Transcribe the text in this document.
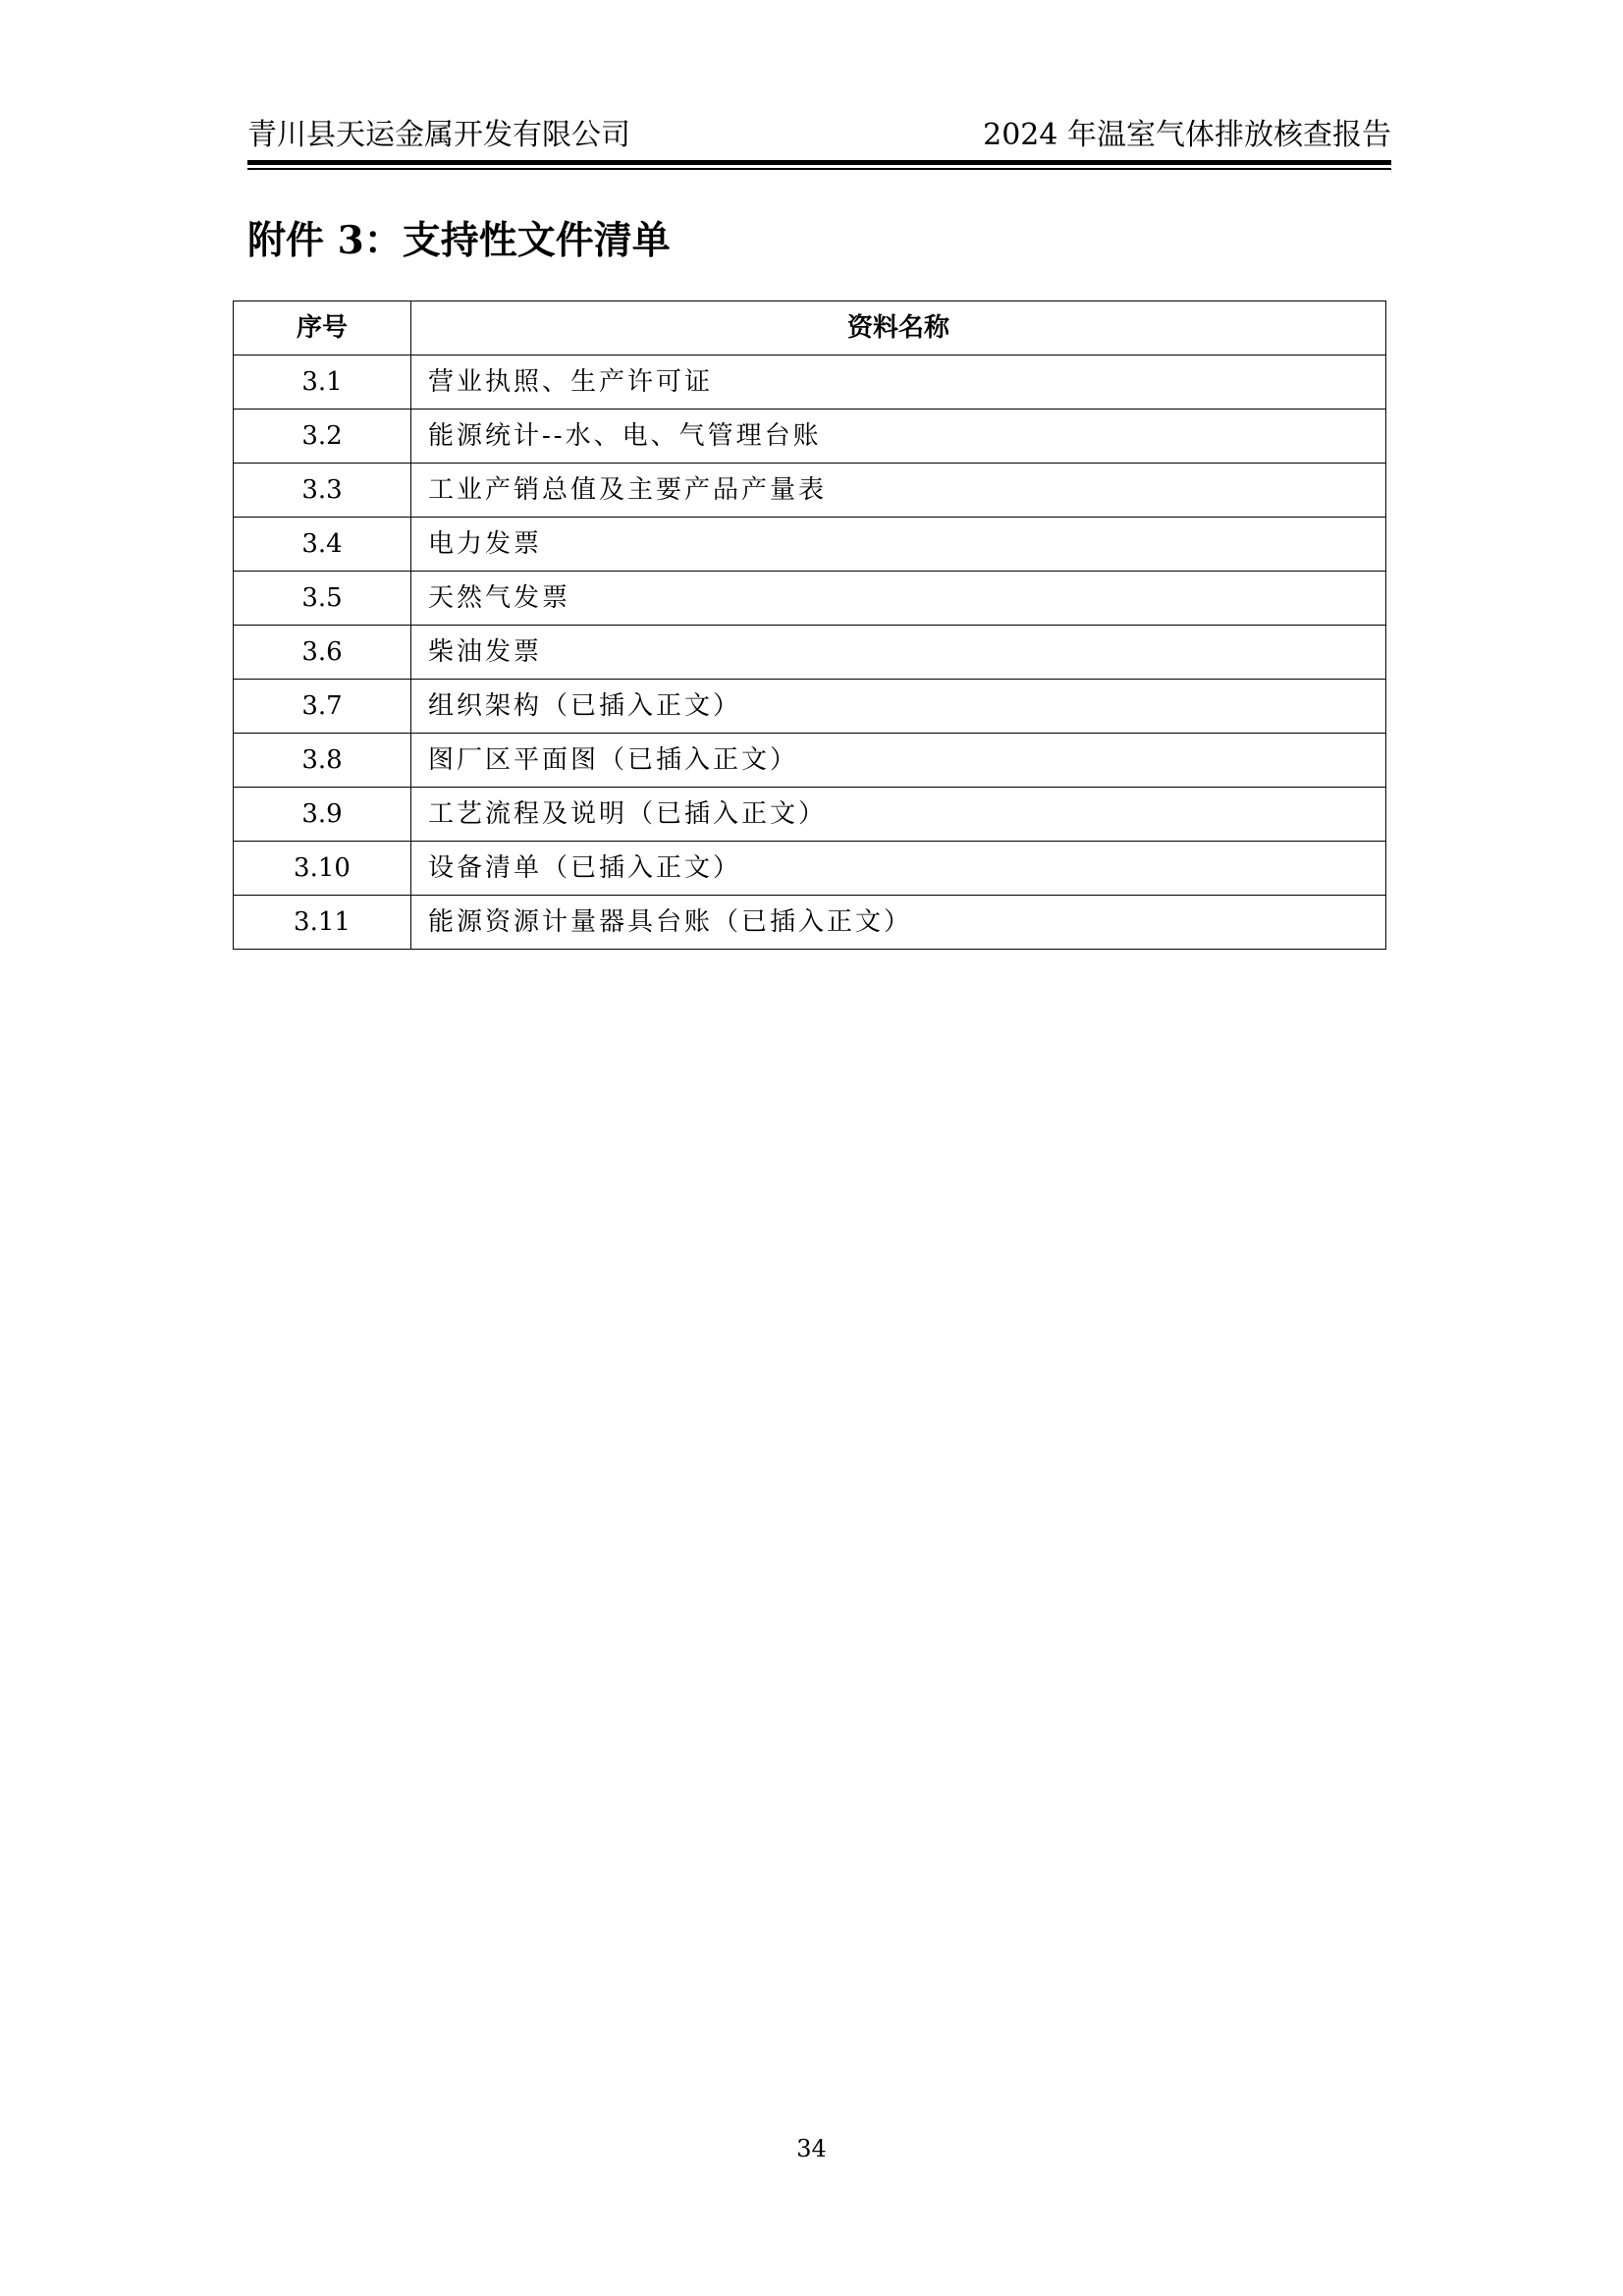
青川县天运金属开发有限公司	2024 年温室气体排放核查报告
附件 3：支持性文件清单
序号	资料名称
3.1	营业执照、生产许可证
3.2	能源统计--水、电、气管理台账
3.3	工业产销总值及主要产品产量表
3.4	电力发票
3.5	天然气发票
3.6	柴油发票
3.7	组织架构（已插入正文）
3.8	图厂区平面图（已插入正文）
3.9	工艺流程及说明（已插入正文）
3.10	设备清单（已插入正文）
3.11	能源资源计量器具台账（已插入正文）
34
